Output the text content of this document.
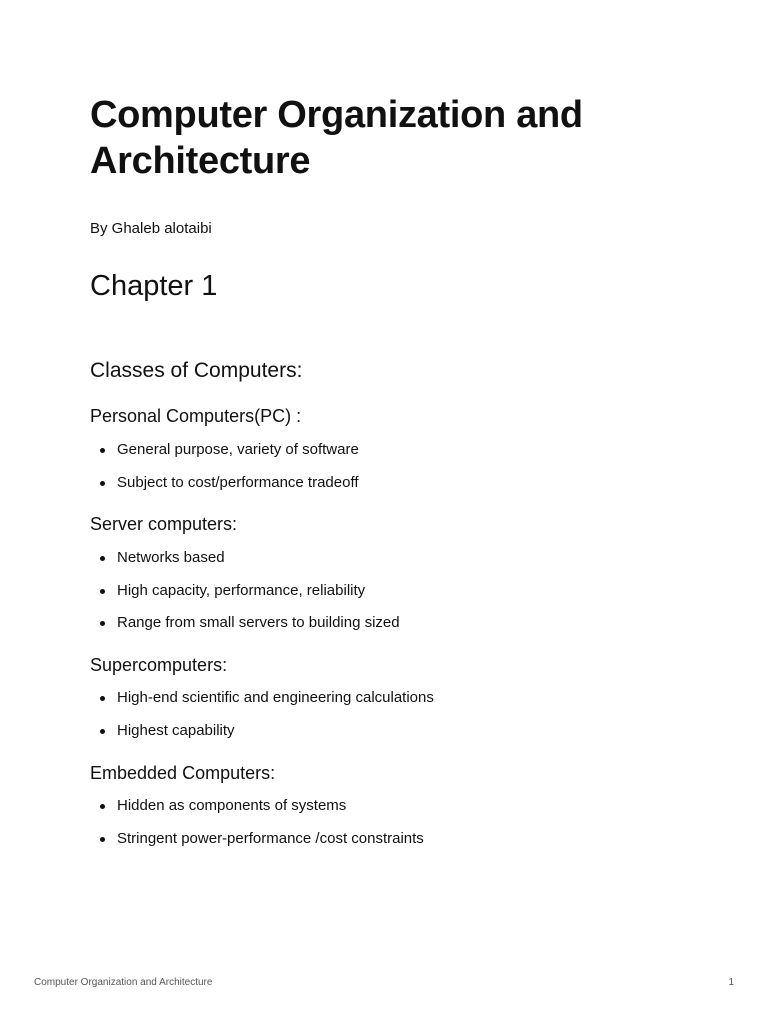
Computer Organization and Architecture

By Ghaleb alotaibi

Chapter 1
Classes of Computers:
Personal Computers(PC) :
General purpose, variety of software
Subject to cost/performance tradeoff
Server computers:
Networks based
High capacity, performance, reliability
Range from small servers to building sized
Supercomputers:
High-end scientific and engineering calculations
Highest capability
Embedded Computers:
Hidden as components of systems
Stringent power-performance /cost constraints
Computer Organization and Architecture	1
